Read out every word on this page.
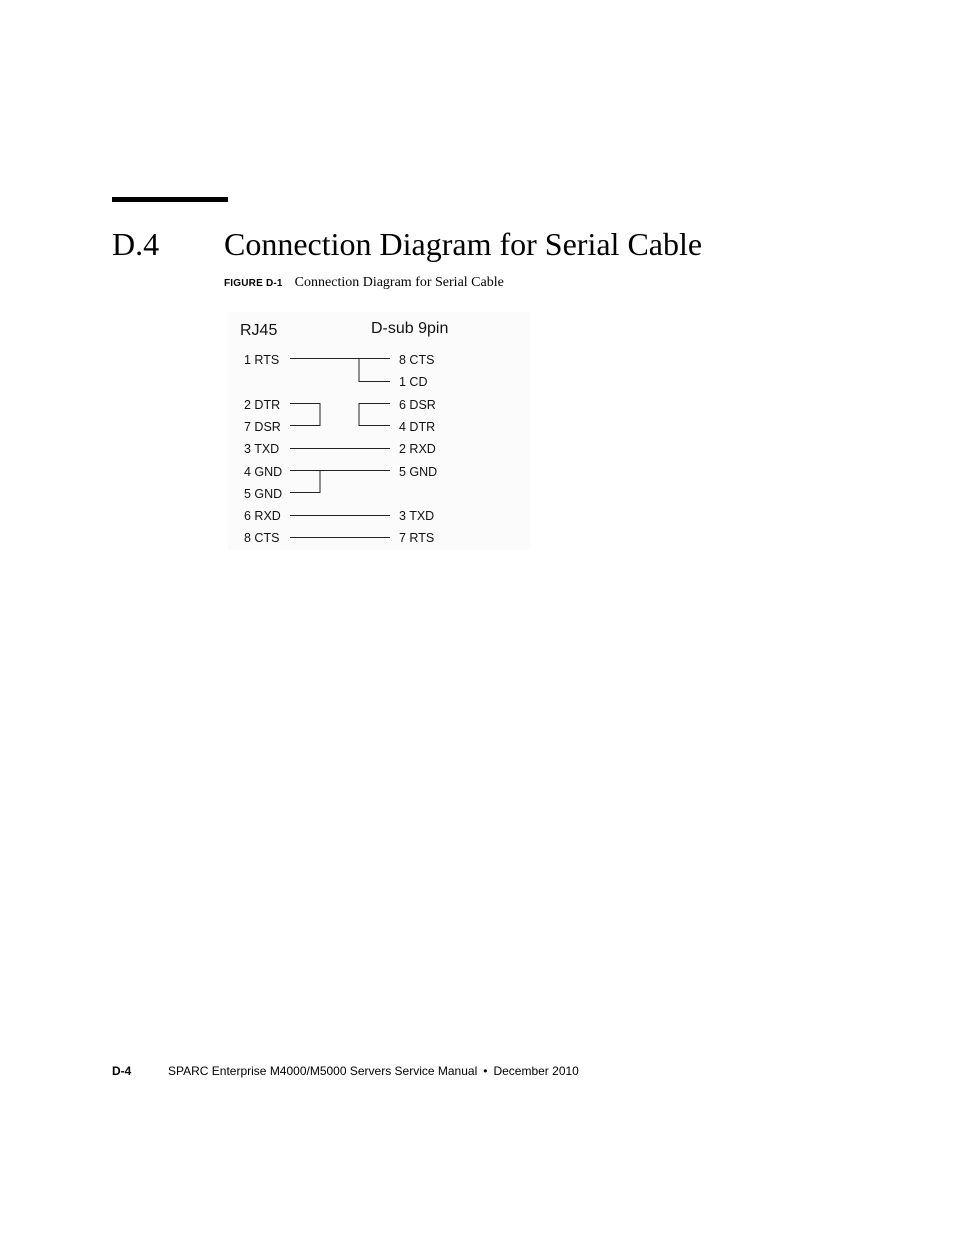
D.4 Connection Diagram for Serial Cable
FIGURE D-1 Connection Diagram for Serial Cable
RJ45	D-sub 9pin
1 RTS
2 DTR
7 DSR
3 TXD
4 GND
5 GND
6 RXD
8 CTS
8 CTS
1 CD
6 DSR
4 DTR
2 RXD
5 GND
3 TXD
7 RTS
D-4	SPARC Enterprise M4000/M5000 Servers Service Manual • December 2010
